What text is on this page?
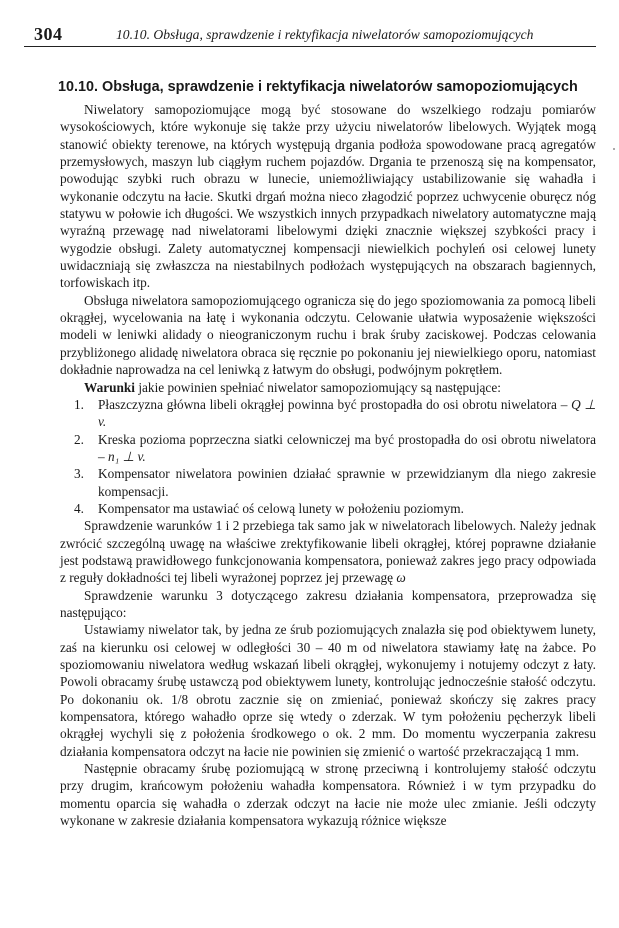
304	10.10. Obsługa, sprawdzenie i rektyfikacja niwelatorów samopoziomujących
10.10. Obsługa, sprawdzenie i rektyfikacja niwelatorów samopoziomujących

Niwelatory samopoziomujące mogą być stosowane do wszelkiego rodzaju pomiarów wysokościowych, które wykonuje się także przy użyciu niwelatorów libelowych. Wyjątek mogą stanowić obiekty terenowe, na których występują drgania podłoża spowodowane pracą agregatów przemysłowych, maszyn lub ciągłym ruchem pojazdów. Drgania te przenoszą się na kompensator, powodując szybki ruch obrazu w lunecie, uniemożliwiający ustabilizowanie się wahadła i wykonanie odczytu na łacie. Skutki drgań można nieco złagodzić poprzez uchwycenie oburęcz nóg statywu w połowie ich długości. We wszystkich innych przypadkach niwelatory automatyczne mają wyraźną przewagę nad niwelatorami libelowymi dzięki znacznie większej szybkości pracy i wygodzie obsługi. Zalety automatycznej kompensacji niewielkich pochyleń osi celowej lunety uwidaczniają się zwłaszcza na niestabilnych podłożach występujących na obszarach bagiennych, torfowiskach itp.

Obsługa niwelatora samopoziomującego ogranicza się do jego spoziomowania za pomocą libeli okrągłej, wycelowania na łatę i wykonania odczytu. Celowanie ułatwia wyposażenie większości modeli w leniwki alidady o nieograniczonym ruchu i brak śruby zaciskowej. Podczas celowania przybliżonego alidadę niwelatora obraca się ręcznie po pokonaniu jej niewielkiego oporu, natomiast dokładnie naprowadza na cel leniwką z łatwym do obsługi, podwójnym pokrętłem.

Warunki jakie powinien spełniać niwelator samopoziomujący są następujące:

1. Płaszczyzna główna libeli okrągłej powinna być prostopadła do osi obrotu niwelatora – Q ⊥ v.
2. Kreska pozioma poprzeczna siatki celowniczej ma być prostopadła do osi obrotu niwelatora – n₁ ⊥ v.
3. Kompensator niwelatora powinien działać sprawnie w przewidzianym dla niego zakresie kompensacji.
4. Kompensator ma ustawiać oś celową lunety w położeniu poziomym.

Sprawdzenie warunków 1 i 2 przebiega tak samo jak w niwelatorach libelowych. Należy jednak zwrócić szczególną uwagę na właściwe zrektyfikowanie libeli okrągłej, której poprawne działanie jest podstawą prawidłowego funkcjonowania kompensatora, ponieważ zakres jego pracy odpowiada z reguły dokładności tej libeli wyrażonej poprzez jej przewagę ω

Sprawdzenie warunku 3 dotyczącego zakresu działania kompensatora, przeprowadza się następująco:

Ustawiamy niwelator tak, by jedna ze śrub poziomujących znalazła się pod obiektywem lunety, zaś na kierunku osi celowej w odległości 30 – 40 m od niwelatora stawiamy łatę na żabce. Po spoziomowaniu niwelatora według wskazań libeli okrągłej, wykonujemy i notujemy odczyt z łaty. Powoli obracamy śrubę ustawczą pod obiektywem lunety, kontrolując jednocześnie stałość odczytu. Po dokonaniu ok. 1/8 obrotu zacznie się on zmieniać, ponieważ skończy się zakres pracy kompensatora, którego wahadło oprze się wtedy o zderzak. W tym położeniu pęcherzyk libeli okrągłej wychyli się z położenia środkowego o ok. 2 mm. Do momentu wyczerpania zakresu działania kompensatora odczyt na łacie nie powinien się zmienić o wartość przekraczającą 1 mm.

Następnie obracamy śrubę poziomującą w stronę przeciwną i kontrolujemy stałość odczytu przy drugim, krańcowym położeniu wahadła kompensatora. Również i w tym przypadku do momentu oparcia się wahadła o zderzak odczyt na łacie nie może ulec zmianie. Jeśli odczyty wykonane w zakresie działania kompensatora wykazują różnice większe
